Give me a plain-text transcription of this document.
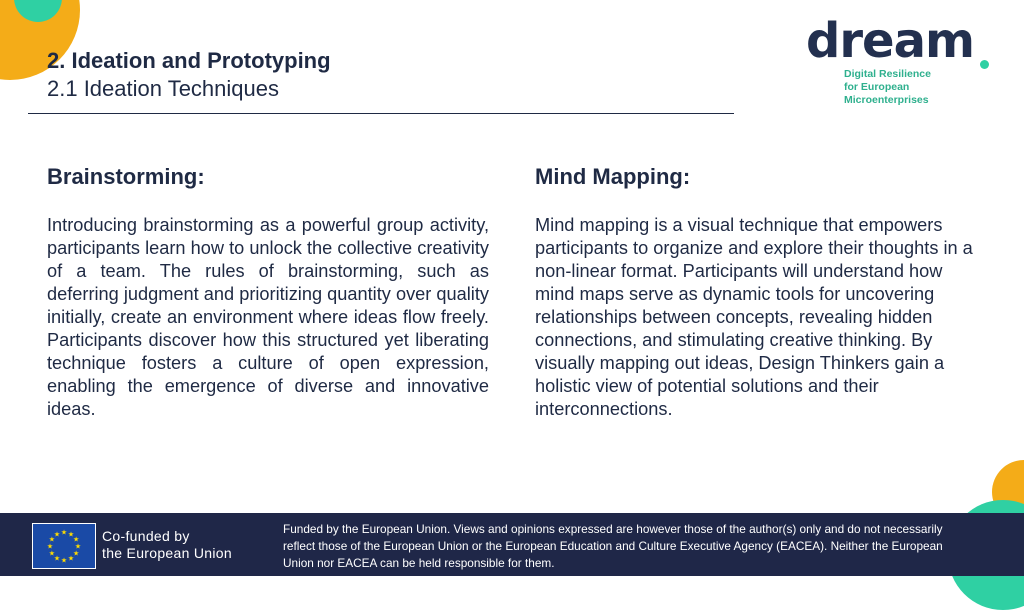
2. Ideation and Prototyping
2.1 Ideation Techniques
dream
Digital Resilience
for European Microenterprises
Brainstorming:

Introducing brainstorming as a powerful group activity, participants learn how to unlock the collective creativity of a team. The rules of brainstorming, such as deferring judgment and prioritizing quantity over quality initially, create an environment where ideas flow freely. Participants discover how this structured yet liberating technique fosters a culture of open expression, enabling the emergence of diverse and innovative ideas.

Mind Mapping:

Mind mapping is a visual technique that empowers participants to organize and explore their thoughts in a non-linear format. Participants will understand how mind maps serve as dynamic tools for uncovering relationships between concepts, revealing hidden connections, and stimulating creative thinking. By visually mapping out ideas, Design Thinkers gain a holistic view of potential solutions and their interconnections.

★ ★
★
★
★
★
★
★
★
★
★
★	Co-funded by
the European Union
Funded by the European Union. Views and opinions expressed are however those of the author(s) only and do not necessarily reflect those of the European Union or the European Education and Culture Executive Agency (EACEA). Neither the European Union nor EACEA can be held responsible for them.
